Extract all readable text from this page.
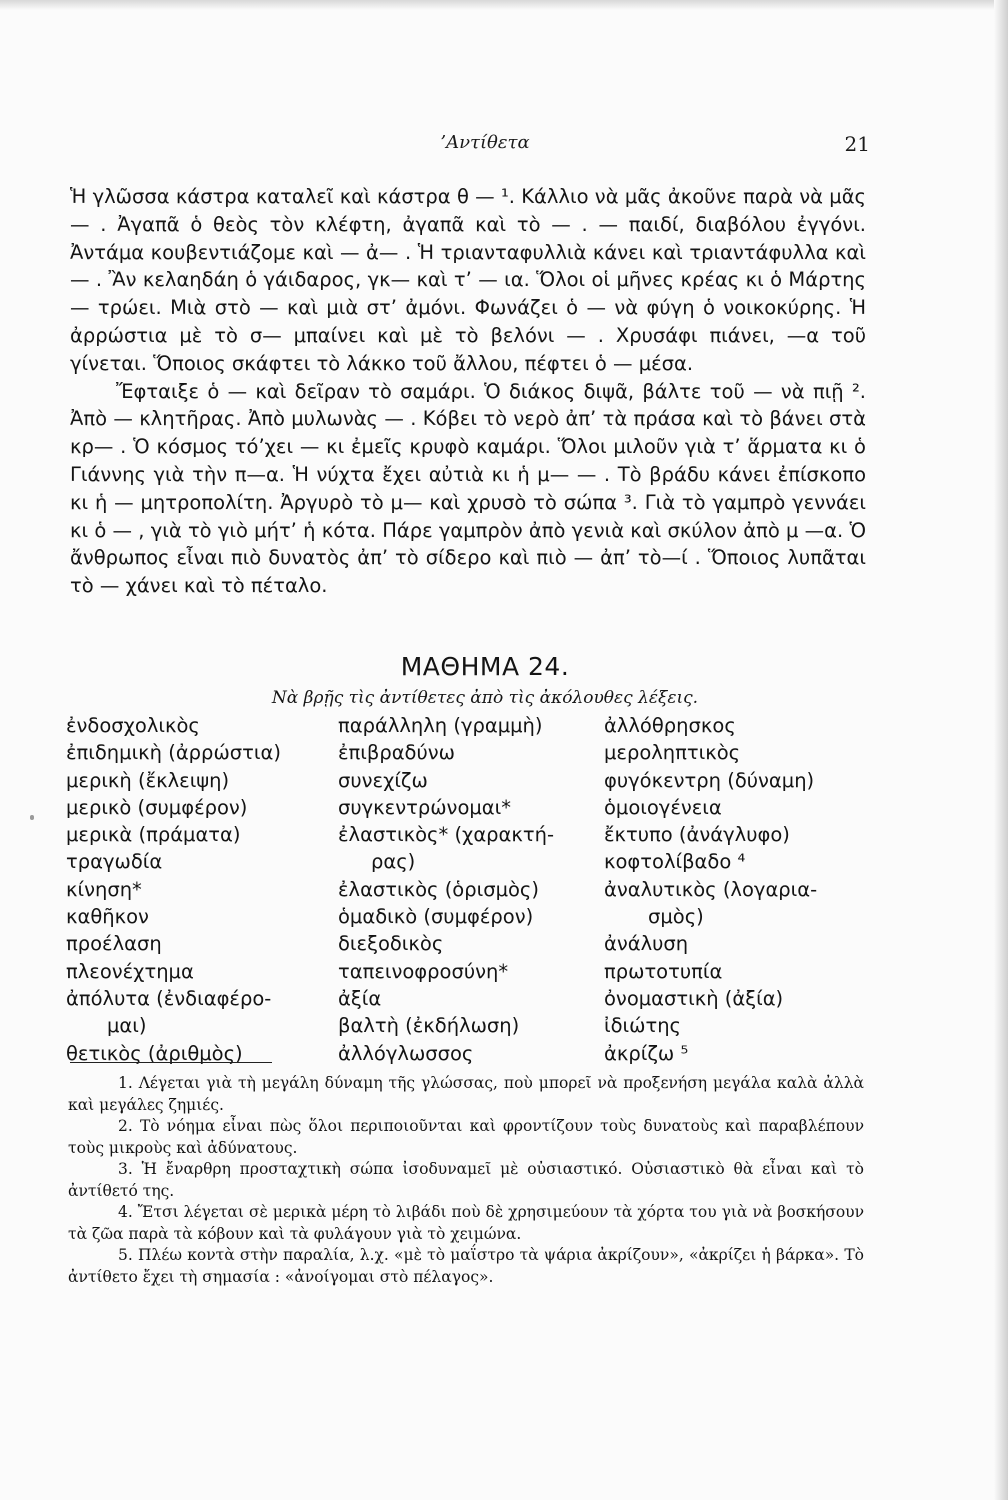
’Αντίθετα	21

Ἡ γλῶσσα κάστρα καταλεῖ καὶ κάστρα θ — ¹. Κάλλιο νὰ μᾶς ἀκοῦνε παρὰ νὰ μᾶς — . Ἀγαπᾶ ὁ θεὸς τὸν κλέφτη, ἀγαπᾶ καὶ τὸ — . — παιδί, διαβόλου ἐγγόνι. Ἀντάμα κουβεντιάζομε καὶ — ἀ— . Ἡ τριανταφυλλιὰ κάνει καὶ τριαντάφυλλα καὶ — . Ἂν κελαηδάη ὁ γάιδαρος, γκ— καὶ τ’ — ια. Ὅλοι οἱ μῆνες κρέας κι ὁ Μάρτης — τρώει. Μιὰ στὸ — καὶ μιὰ στ’ ἀμόνι. Φωνάζει ὁ — νὰ φύγη ὁ νοικοκύρης. Ἡ ἀρρώστια μὲ τὸ σ— μπαίνει καὶ μὲ τὸ βελόνι — . Χρυσάφι πιάνει, —α τοῦ γίνεται. Ὅποιος σκάφτει τὸ λάκκο τοῦ ἄλλου, πέφτει ὁ — μέσα.

Ἔφταιξε ὁ — καὶ δεῖραν τὸ σαμάρι. Ὁ διάκος διψᾶ, βάλτε τοῦ — νὰ πιῇ ². Ἀπὸ — κλητῆρας. Ἀπὸ μυλωνὰς — . Κόβει τὸ νερὸ ἀπ’ τὰ πράσα καὶ τὸ βάνει στὰ κρ— . Ὁ κόσμος τό’χει — κι ἐμεῖς κρυφὸ καμάρι. Ὅλοι μιλοῦν γιὰ τ’ ἅρματα κι ὁ Γιάννης γιὰ τὴν π—α. Ἡ νύχτα ἔχει αὐτιὰ κι ἡ μ— — . Τὸ βράδυ κάνει ἐπίσκοπο κι ἡ — μητροπολίτη. Ἀργυρὸ τὸ μ— καὶ χρυσὸ τὸ σώπα ³. Γιὰ τὸ γαμπρὸ γεννάει κι ὁ — , γιὰ τὸ γιὸ μήτ’ ἡ κότα. Πάρε γαμπρὸν ἀπὸ γενιὰ καὶ σκύλον ἀπὸ μ —α. Ὁ ἄνθρωπος εἶναι πιὸ δυνατὸς ἀπ’ τὸ σίδερο καὶ πιὸ — ἀπ’ τὸ—ί . Ὅποιος λυπᾶται τὸ — χάνει καὶ τὸ πέταλο.

ΜΑΘΗΜΑ 24.
Νὰ βρῇς τὶς ἀντίθετες ἀπὸ τὶς ἀκόλουθες λέξεις.
ἐνδοσχολικὸς
ἐπιδημικὴ (ἀρρώστια)
μερικὴ (ἔκλειψη)
μερικὸ (συμφέρον)
μερικὰ (πράματα)
τραγωδία
κίνηση*
καθῆκον
προέλαση
πλεονέχτημα
ἀπόλυτα (ἐνδιαφέρο-
μαι)
θετικὸς (ἀριθμὸς)
παράλληλη (γραμμὴ)
ἐπιβραδύνω
συνεχίζω
συγκεντρώνομαι*
ἐλαστικὸς* (χαρακτή-
ρας)
ἐλαστικὸς (ὁρισμὸς)
ὁμαδικὸ (συμφέρον)
διεξοδικὸς
ταπεινοφροσύνη*
ἀξία
βαλτὴ (ἐκδήλωση)
ἀλλόγλωσσος
ἀλλόθρησκος
μεροληπτικὸς
φυγόκεντρη (δύναμη)
ὁμοιογένεια
ἔκτυπο (ἀνάγλυφο)
κοφτολίβαδο ⁴
ἀναλυτικὸς (λογαρια-
σμὸς)
ἀνάλυση
πρωτοτυπία
ὀνομαστικὴ (ἀξία)
ἰδιώτης
ἀκρίζω ⁵

1. Λέγεται γιὰ τὴ μεγάλη δύναμη τῆς γλώσσας, ποὺ μπορεῖ νὰ προξενήση μεγάλα καλὰ ἀλλὰ καὶ μεγάλες ζημιές.

2. Τὸ νόημα εἶναι πὼς ὅλοι περιποιοῦνται καὶ φροντίζουν τοὺς δυνατοὺς καὶ παραβλέπουν τοὺς μικροὺς καὶ ἀδύνατους.

3. Ἡ ἔναρθρη προσταχτικὴ σώπα ἰσοδυναμεῖ μὲ οὐσιαστικό. Οὐσιαστικὸ θὰ εἶναι καὶ τὸ ἀντίθετό της.

4. Ἔτσι λέγεται σὲ μερικὰ μέρη τὸ λιβάδι ποὺ δὲ χρησιμεύουν τὰ χόρτα του γιὰ νὰ βοσκήσουν τὰ ζῶα παρὰ τὰ κόβουν καὶ τὰ φυλάγουν γιὰ τὸ χειμώνα.

5. Πλέω κοντὰ στὴν παραλία, λ.χ. «μὲ τὸ μαΐστρο τὰ ψάρια ἀκρίζουν», «ἀκρίζει ἡ βάρκα». Τὸ ἀντίθετο ἔχει τὴ σημασία : «ἀνοίγομαι στὸ πέλαγος».
